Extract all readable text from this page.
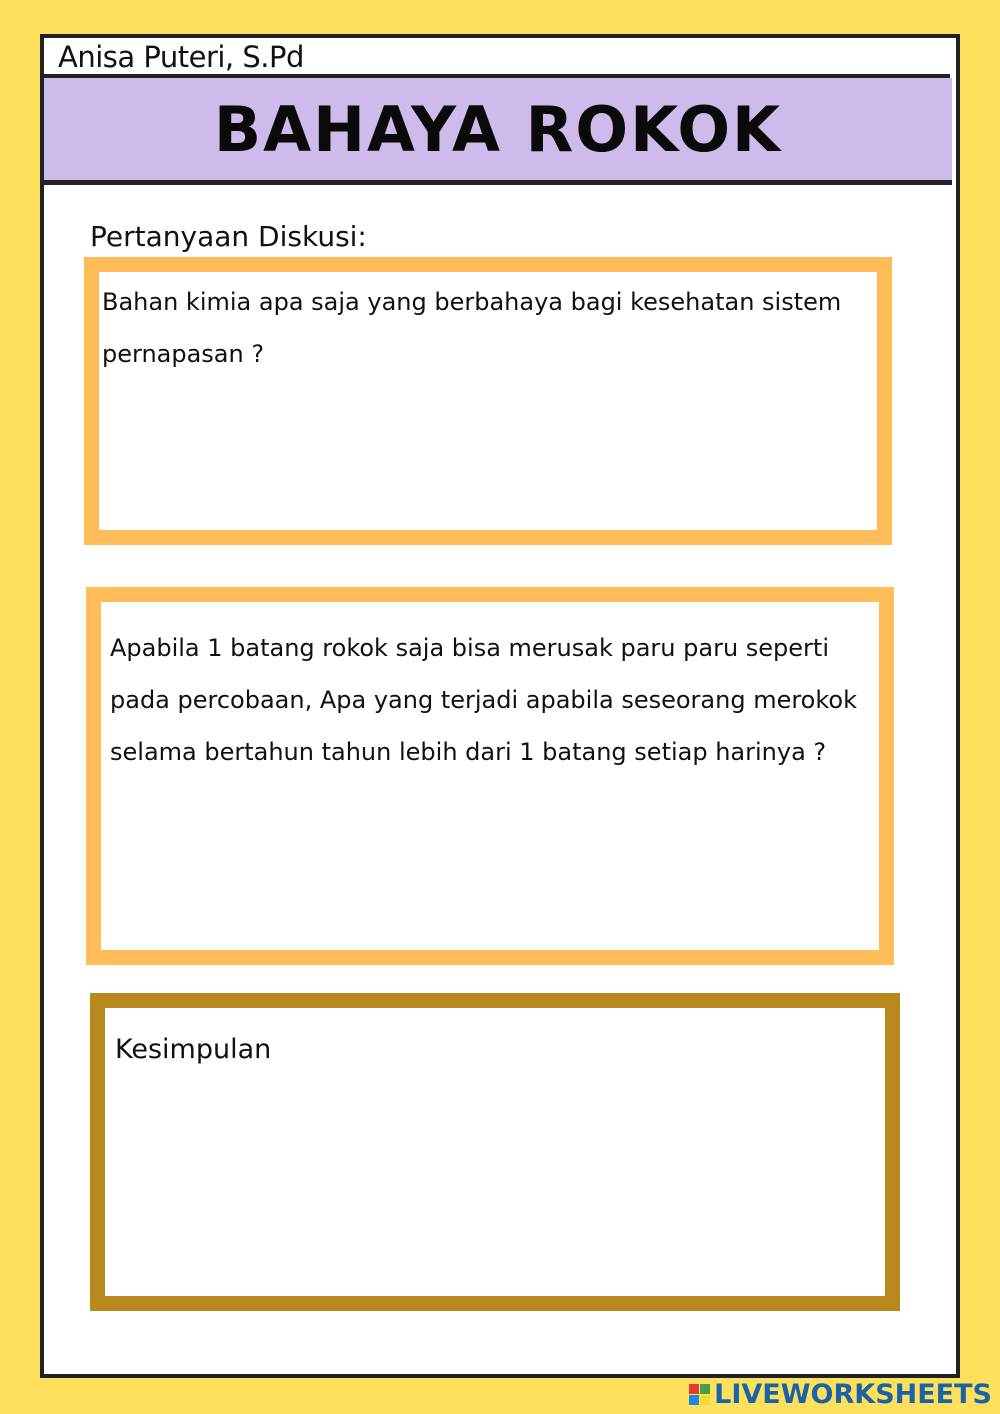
Anisa Puteri, S.Pd
BAHAYA ROKOK
Pertanyaan Diskusi:

Bahan kimia apa saja yang berbahaya bagi kesehatan sistem pernapasan ?

Apabila 1 batang rokok saja bisa merusak paru paru seperti pada percobaan, Apa yang terjadi apabila seseorang merokok selama bertahun tahun lebih dari 1 batang setiap harinya ?

Kesimpulan

LIVEWORKSHEETS
